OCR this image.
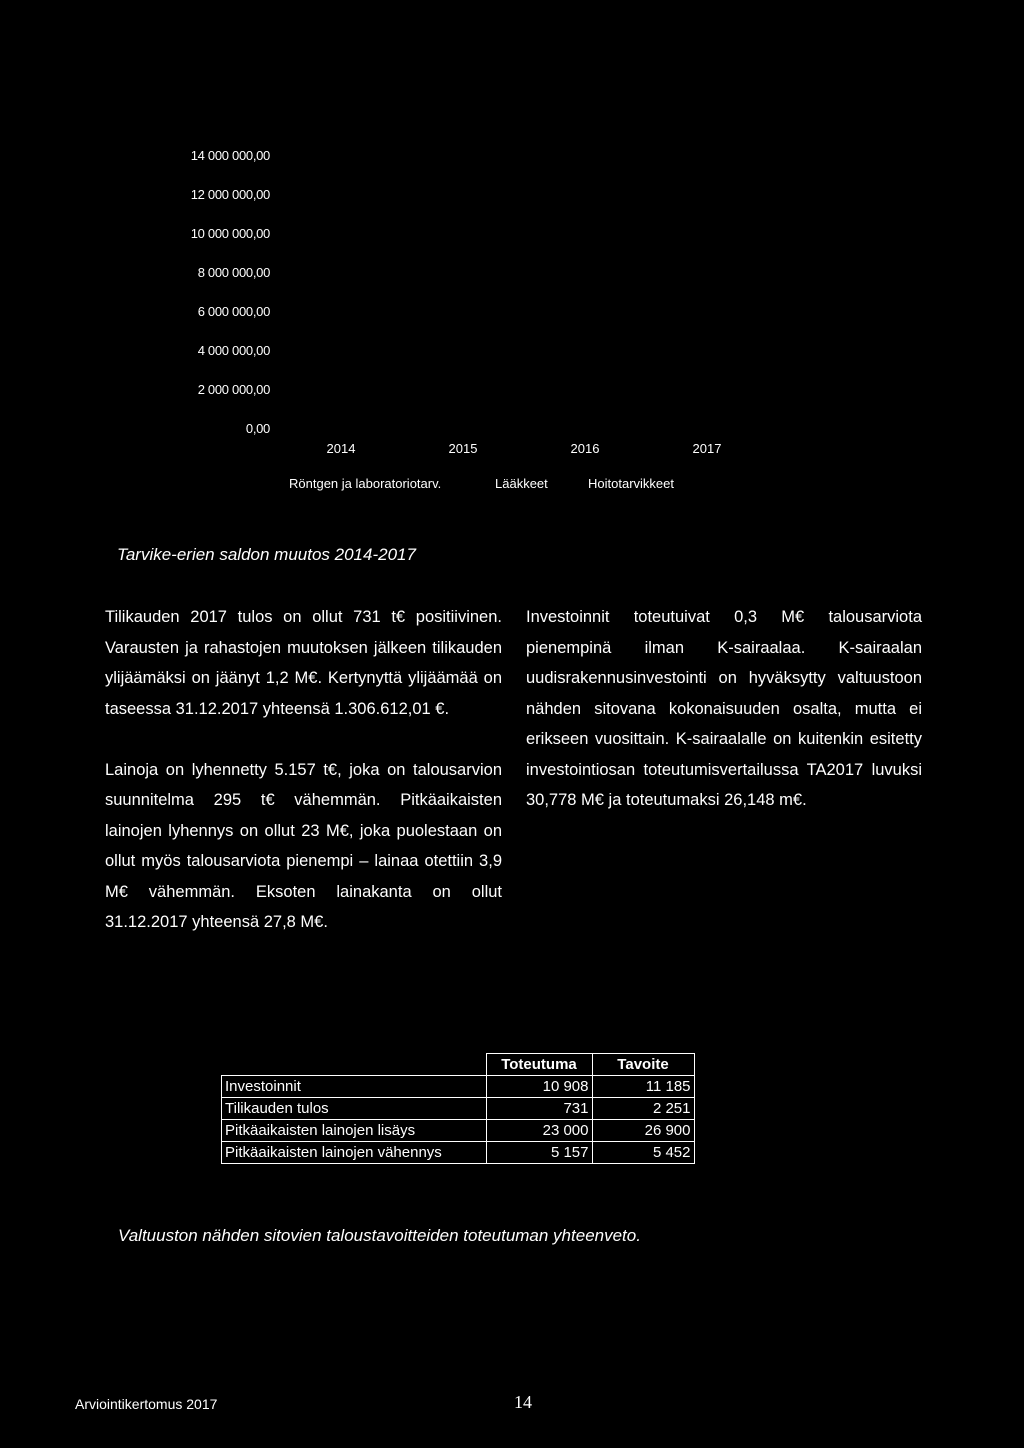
14 000 000,00
12 000 000,00
10 000 000,00
8 000 000,00
6 000 000,00
4 000 000,00
2 000 000,00
0,00
2014	2015	2016	2017
Röntgen ja laboratoriotarv.	Lääkkeet	Hoitotarvikkeet
Tarvike-erien saldon muutos 2014-2017

Tilikauden 2017 tulos on ollut 731 t€ positiivinen. Varausten ja rahastojen muutoksen jälkeen tilikauden ylijäämäksi on jäänyt 1,2 M€. Kertynyttä ylijäämää on taseessa 31.12.2017 yhteensä 1.306.612,01 €.

Lainoja on lyhennetty 5.157 t€, joka on talousarvion suunnitelma 295 t€ vähemmän. Pitkäaikaisten lainojen lyhennys on ollut 23 M€, joka puolestaan on ollut myös talousarviota pienempi – lainaa otettiin 3,9 M€ vähemmän. Eksoten lainakanta on ollut 31.12.2017 yhteensä 27,8 M€.

Investoinnit toteutuivat 0,3 M€ talousarviota pienempinä ilman K-sairaalaa. K-sairaalan uudisrakennusinvestointi on hyväksytty valtuustoon nähden sitovana kokonaisuuden osalta, mutta ei erikseen vuosittain. K-sairaalalle on kuitenkin esitetty investointiosan toteutumisvertailussa TA2017 luvuksi 30,778 M€ ja toteutumaksi 26,148 m€.

	Toteutuma	Tavoite
Investoinnit	10 908	11 185
Tilikauden tulos	731	2 251
Pitkäaikaisten lainojen lisäys	23 000	26 900
Pitkäaikaisten lainojen vähennys	5 157	5 452
Valtuuston nähden sitovien taloustavoitteiden toteutuman yhteenveto.
Arviointikertomus 2017	14
